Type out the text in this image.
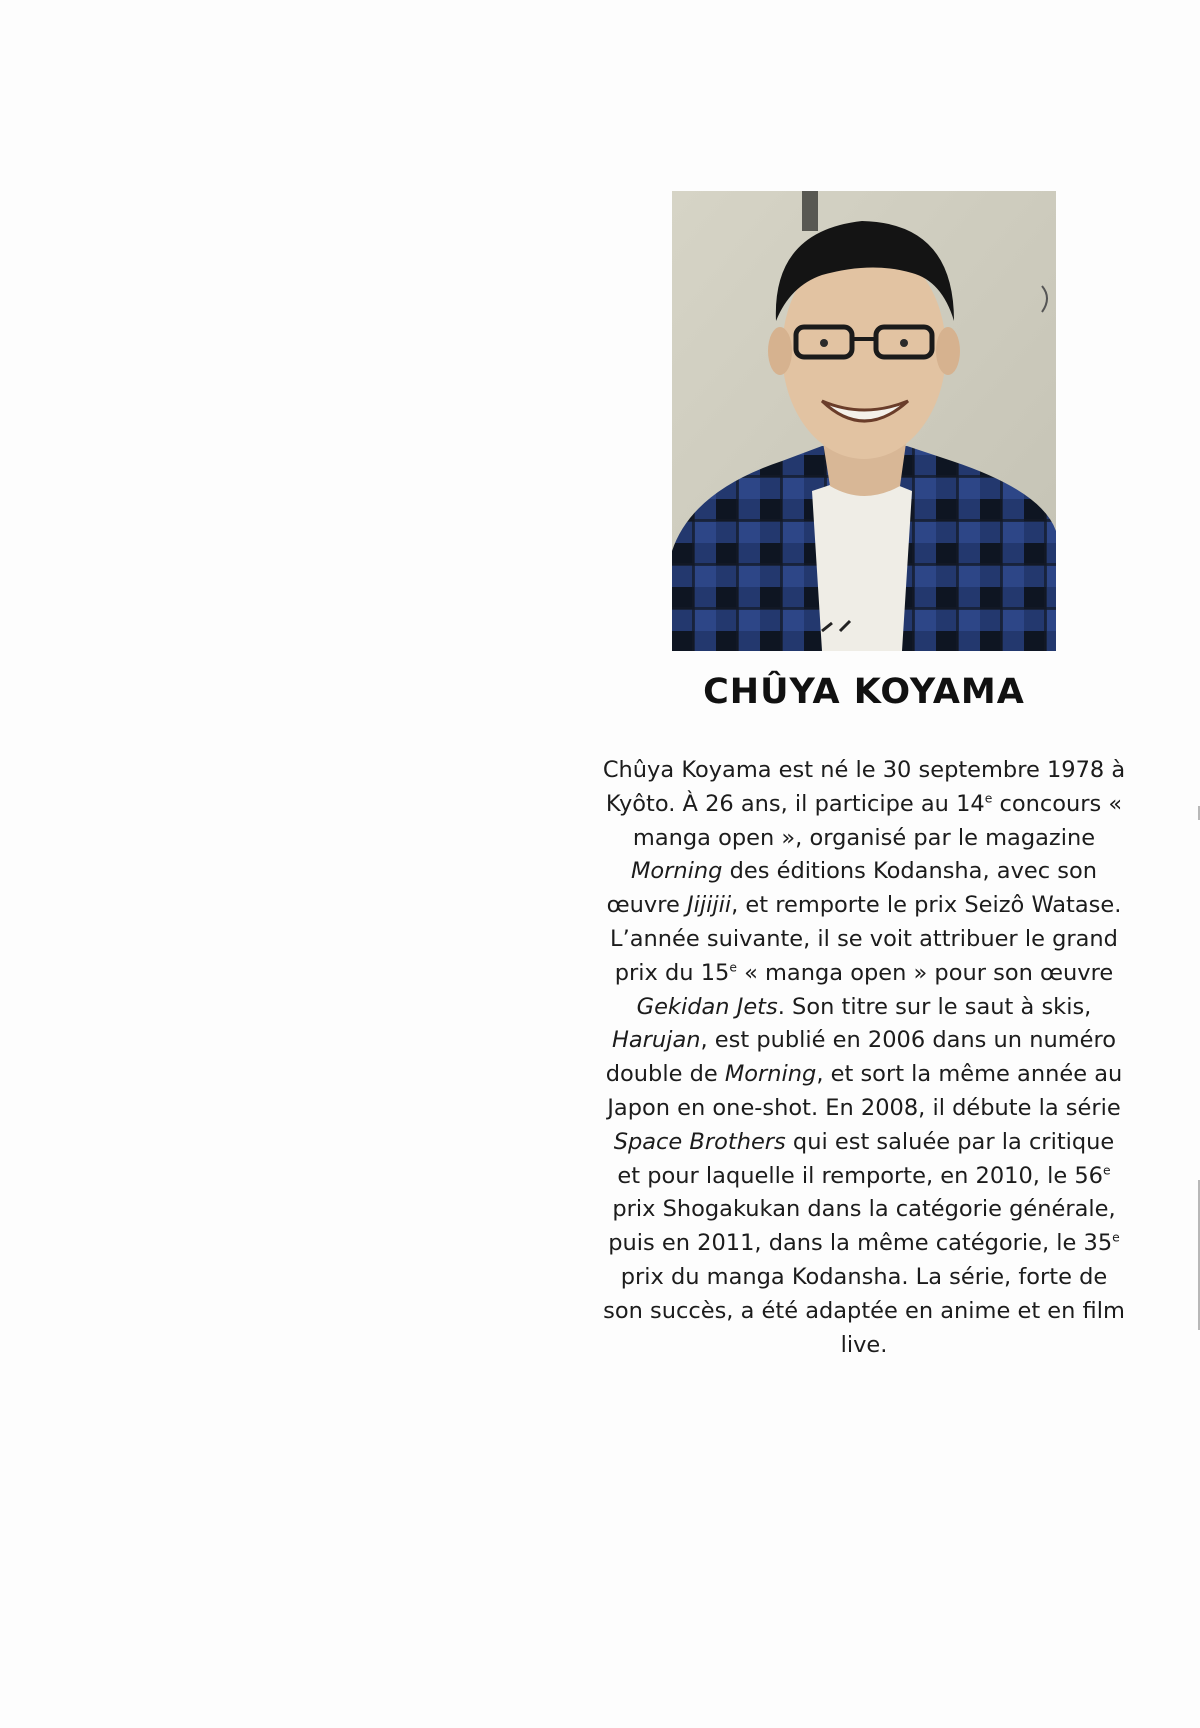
CHÛYA KOYAMA

Chûya Koyama est né le 30 septembre 1978 à Kyôto. À 26 ans, il participe au 14e concours « manga open », organisé par le magazine Morning des éditions Kodansha, avec son œuvre Jijijii, et remporte le prix Seizô Watase. L’année suivante, il se voit attribuer le grand prix du 15e « manga open » pour son œuvre Gekidan Jets. Son titre sur le saut à skis, Harujan, est publié en 2006 dans un numéro double de Morning, et sort la même année au Japon en one-shot. En 2008, il débute la série Space Brothers qui est saluée par la critique et pour laquelle il remporte, en 2010, le 56e prix Shogakukan dans la catégorie générale, puis en 2011, dans la même catégorie, le 35e prix du manga Kodansha. La série, forte de son succès, a été adaptée en anime et en film live.
